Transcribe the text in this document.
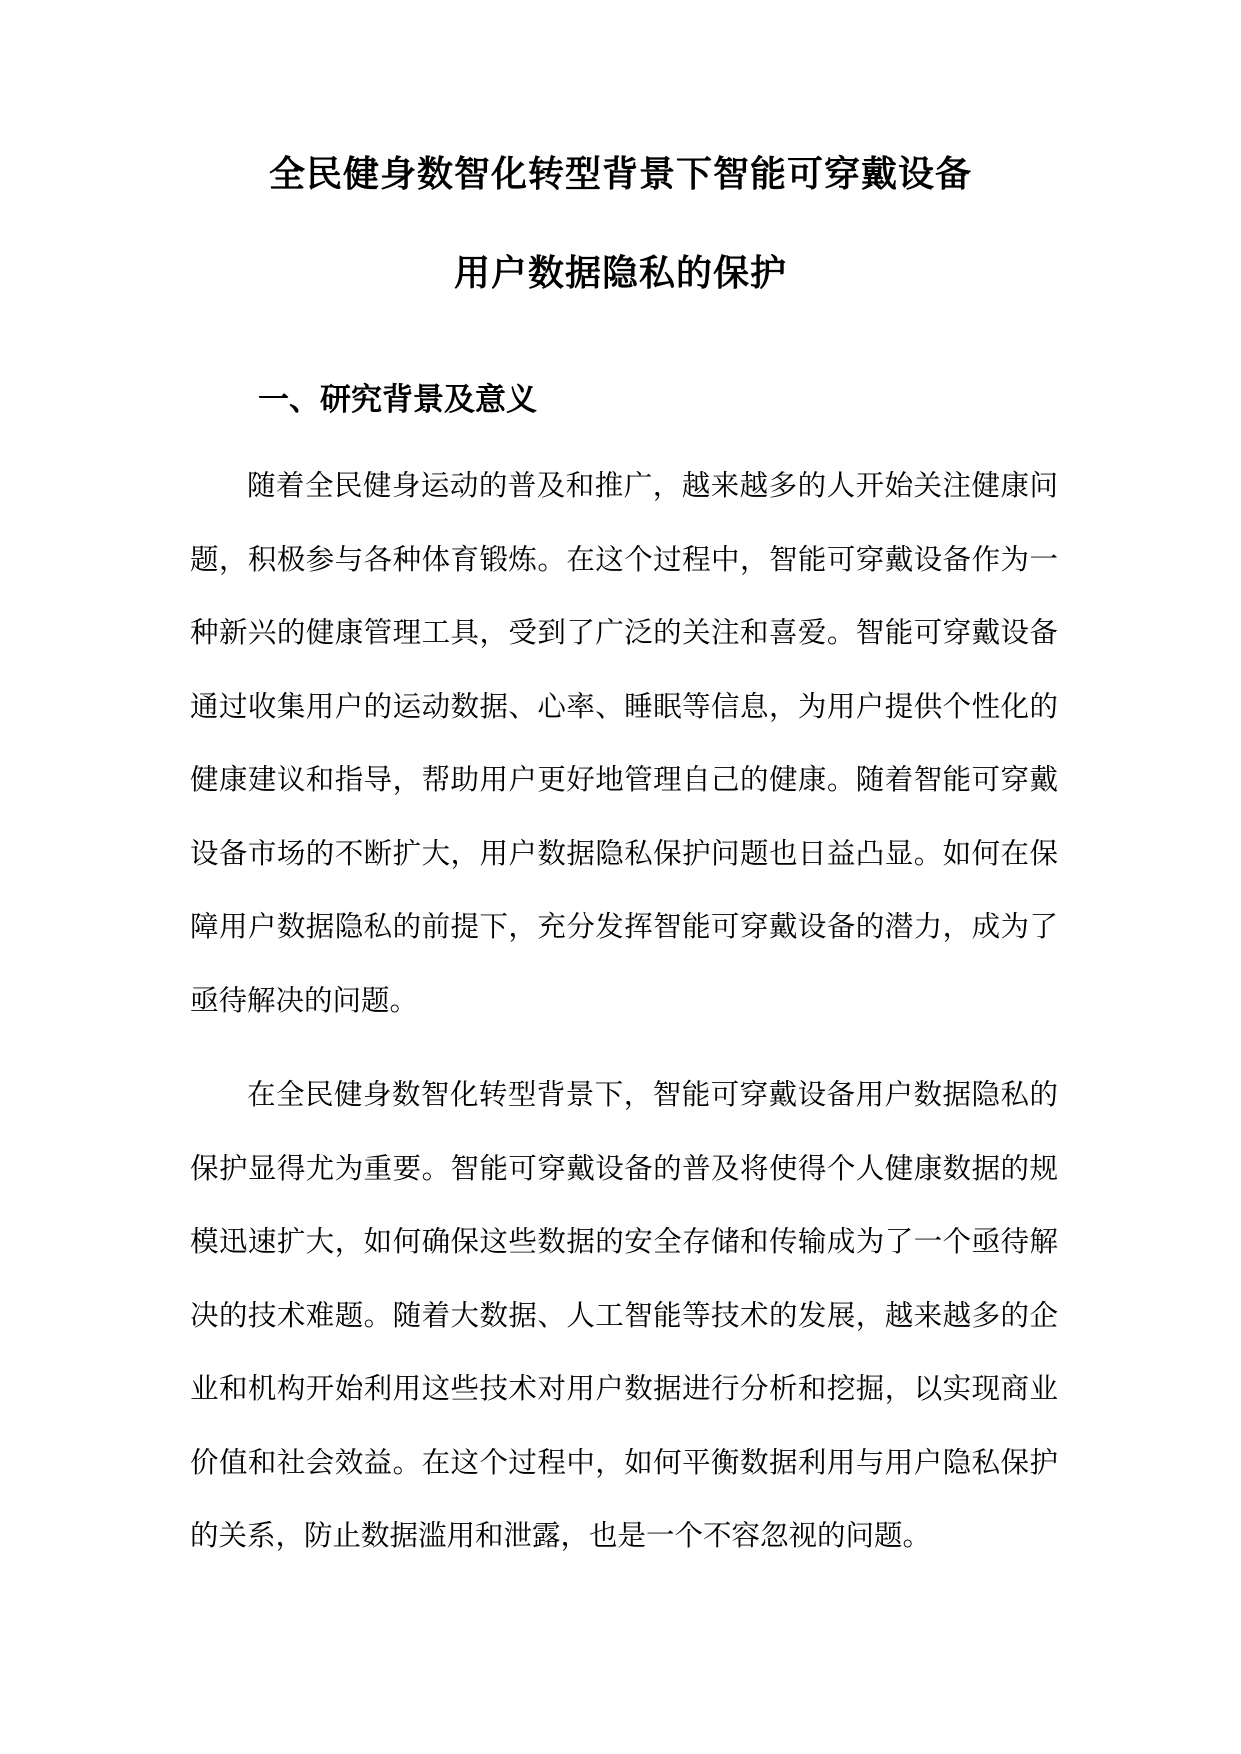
全民健身数智化转型背景下智能可穿戴设备
用户数据隐私的保护
一、研究背景及意义

随着全民健身运动的普及和推广，越来越多的人开始关注健康问题，积极参与各种体育锻炼。在这个过程中，智能可穿戴设备作为一种新兴的健康管理工具，受到了广泛的关注和喜爱。智能可穿戴设备通过收集用户的运动数据、心率、睡眠等信息，为用户提供个性化的健康建议和指导，帮助用户更好地管理自己的健康。随着智能可穿戴设备市场的不断扩大，用户数据隐私保护问题也日益凸显。如何在保障用户数据隐私的前提下，充分发挥智能可穿戴设备的潜力，成为了亟待解决的问题。

在全民健身数智化转型背景下，智能可穿戴设备用户数据隐私的保护显得尤为重要。智能可穿戴设备的普及将使得个人健康数据的规模迅速扩大，如何确保这些数据的安全存储和传输成为了一个亟待解决的技术难题。随着大数据、人工智能等技术的发展，越来越多的企业和机构开始利用这些技术对用户数据进行分析和挖掘，以实现商业价值和社会效益。在这个过程中，如何平衡数据利用与用户隐私保护的关系，防止数据滥用和泄露，也是一个不容忽视的问题。
